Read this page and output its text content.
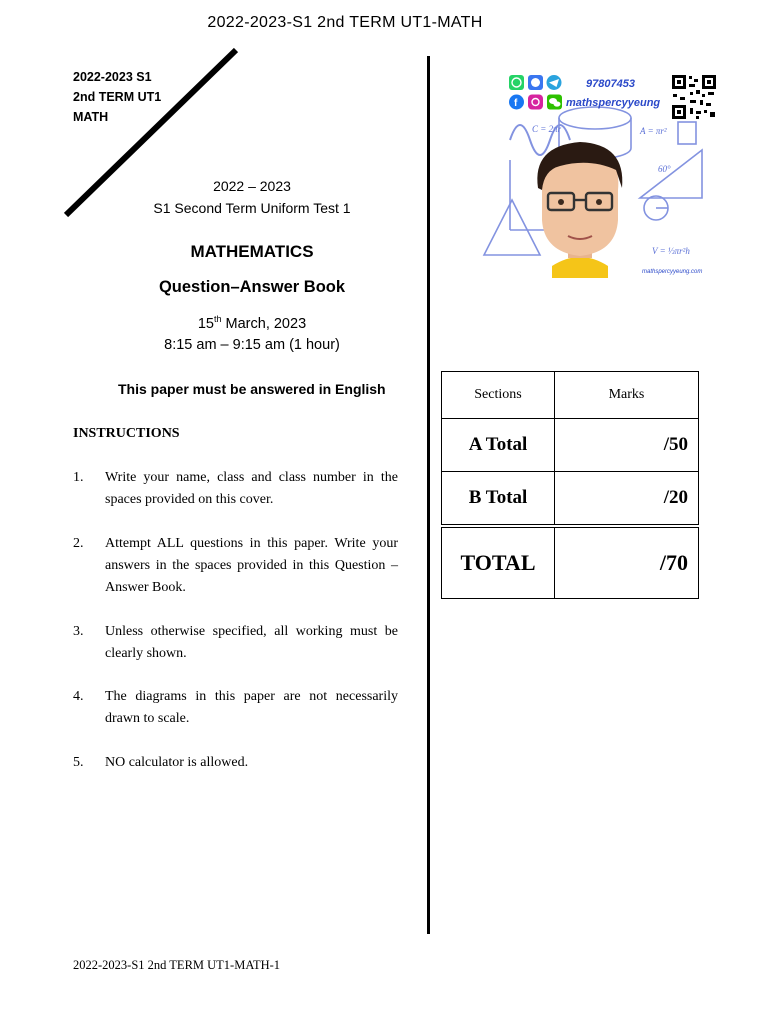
2022-2023-S1 2nd TERM UT1-MATH
2022-2023 S1
2nd TERM UT1
MATH
2022 – 2023
S1 Second Term Uniform Test 1
MATHEMATICS
Question–Answer Book
15th March, 2023
8:15 am – 9:15 am (1 hour)
This paper must be answered in English
INSTRUCTIONS
1. Write your name, class and class number in the spaces provided on this cover.
2. Attempt ALL questions in this paper. Write your answers in the spaces provided in this Question – Answer Book.
3. Unless otherwise specified, all working must be clearly shown.
4. The diagrams in this paper are not necessarily drawn to scale.
5. NO calculator is allowed.
C = 2πr	A = πr²
V = ⅓πr²h
60°
97807453
f	mathspercyyeung
mathspercyyeung.com
Sections	Marks
A Total	/50
B Total	/20
TOTAL	/70
2022-2023-S1 2nd TERM UT1-MATH-1
